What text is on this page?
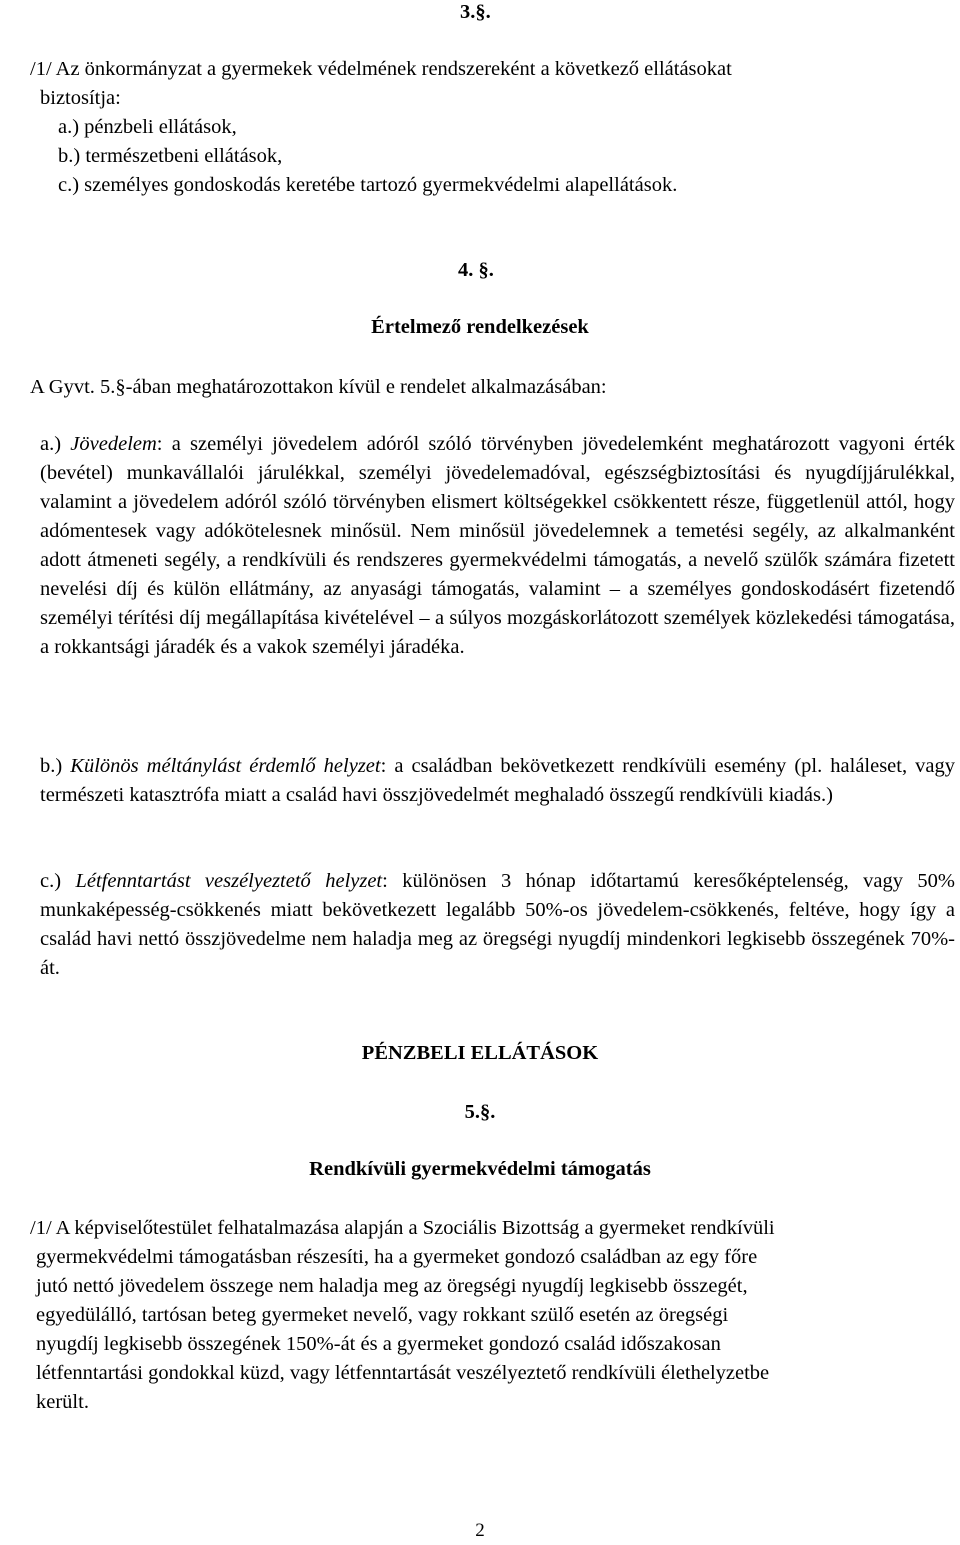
3.§.
/1/ Az önkormányzat a gyermekek védelmének rendszereként a következő ellátásokat
biztosítja:
a.) pénzbeli ellátások,
b.) természetbeni ellátások,
c.) személyes gondoskodás keretébe tartozó gyermekvédelmi alapellátások.
4. §.
Értelmező rendelkezések
A Gyvt. 5.§-ában meghatározottakon kívül e rendelet alkalmazásában:

a.) Jövedelem: a személyi jövedelem adóról szóló törvényben jövedelemként meghatározott vagyoni érték (bevétel) munkavállalói járulékkal, személyi jövedelemadóval, egészségbiztosítási és nyugdíjjárulékkal, valamint a jövedelem adóról szóló törvényben elismert költségekkel csökkentett része, függetlenül attól, hogy adómentesek vagy adókötelesnek minősül. Nem minősül jövedelemnek a temetési segély, az alkalmanként adott átmeneti segély, a rendkívüli és rendszeres gyermekvédelmi támogatás, a nevelő szülők számára fizetett nevelési díj és külön ellátmány, az anyasági támogatás, valamint – a személyes gondoskodásért fizetendő személyi térítési díj megállapítása kivételével – a súlyos mozgáskorlátozott személyek közlekedési támogatása, a rokkantsági járadék és a vakok személyi járadéka.

b.) Különös méltánylást érdemlő helyzet: a családban bekövetkezett rendkívüli esemény (pl. haláleset, vagy természeti katasztrófa miatt a család havi összjövedelmét meghaladó összegű rendkívüli kiadás.)

c.) Létfenntartást veszélyeztető helyzet: különösen 3 hónap időtartamú keresőképtelenség, vagy 50% munkaképesség-csökkenés miatt bekövetkezett legalább 50%-os jövedelem-csökkenés, feltéve, hogy így a család havi nettó összjövedelme nem haladja meg az öregségi nyugdíj mindenkori legkisebb összegének 70%-át.

PÉNZBELI ELLÁTÁSOK
5.§.
Rendkívüli gyermekvédelmi támogatás
/1/ A képviselőtestület felhatalmazása alapján a Szociális Bizottság a gyermeket rendkívüli
gyermekvédelmi támogatásban részesíti, ha a gyermeket gondozó családban az egy főre
jutó nettó jövedelem összege nem haladja meg az öregségi nyugdíj legkisebb összegét,
egyedülálló, tartósan beteg gyermeket nevelő, vagy rokkant szülő esetén az öregségi
nyugdíj legkisebb összegének 150%-át és a gyermeket gondozó család időszakosan
létfenntartási gondokkal küzd, vagy létfenntartását veszélyeztető rendkívüli élethelyzetbe
került.
2
